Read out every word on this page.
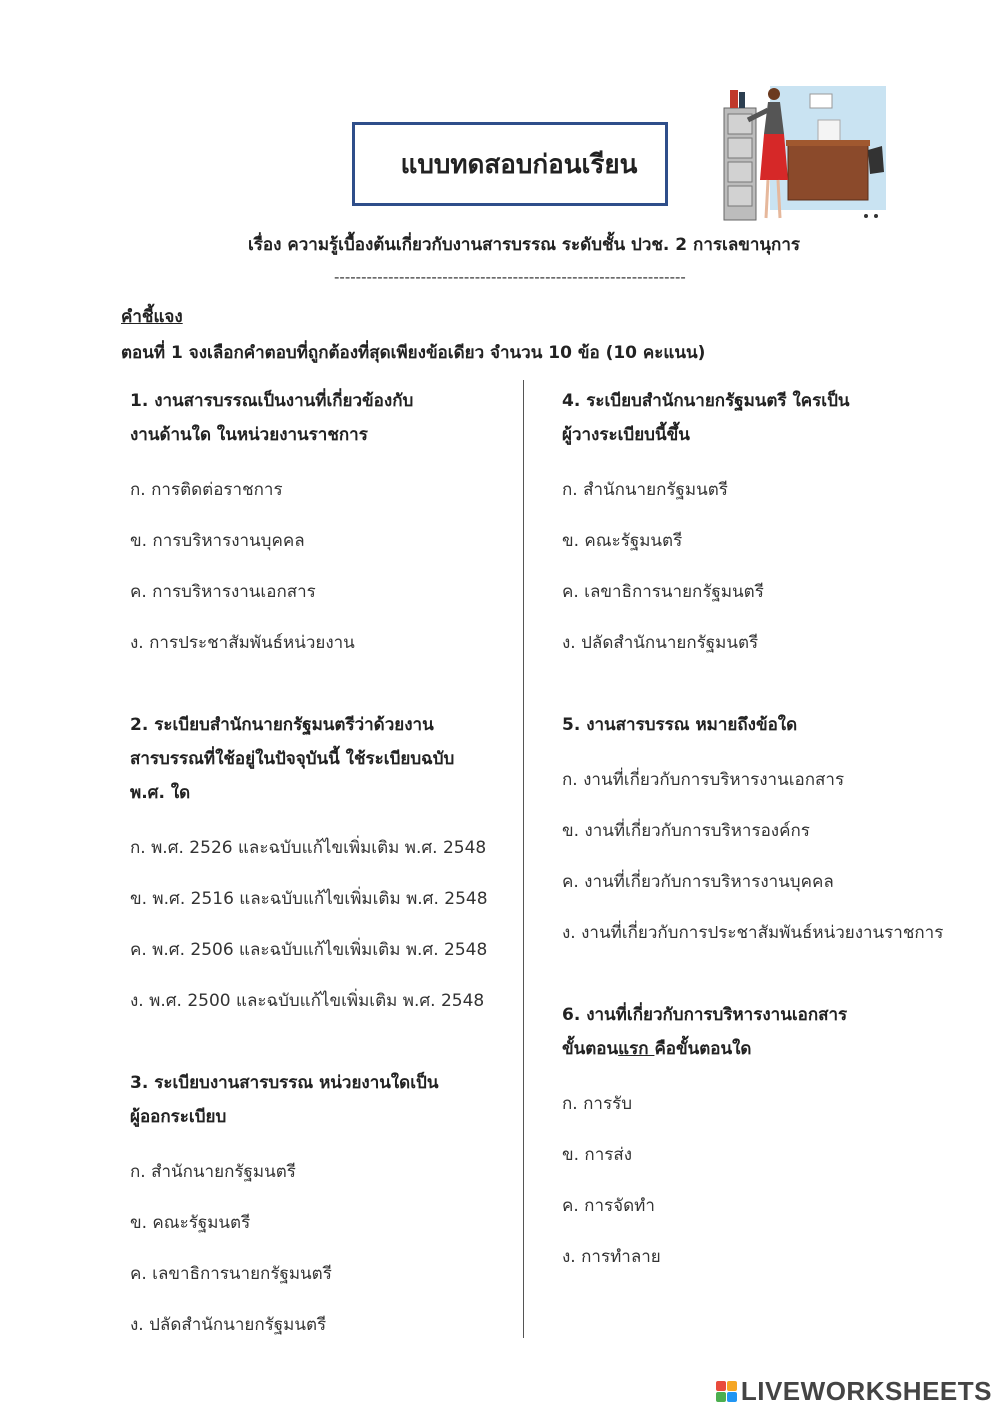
แบบทดสอบก่อนเรียน
เรื่อง ความรู้เบื้องต้นเกี่ยวกับงานสารบรรณ ระดับชั้น ปวช. 2 การเลขานุการ
-----------------------------------------------------------------
คำชี้แจง
ตอนที่ 1 จงเลือกคำตอบที่ถูกต้องที่สุดเพียงข้อเดียว จำนวน 10 ข้อ (10 คะแนน)
1. งานสารบรรณเป็นงานที่เกี่ยวข้องกับ
งานด้านใด ในหน่วยงานราชการ
ก. การติดต่อราชการ
ข. การบริหารงานบุคคล
ค. การบริหารงานเอกสาร
ง. การประชาสัมพันธ์หน่วยงาน
2. ระเบียบสำนักนายกรัฐมนตรีว่าด้วยงาน
สารบรรณที่ใช้อยู่ในปัจจุบันนี้ ใช้ระเบียบฉบับ
พ.ศ. ใด
ก. พ.ศ. 2526 และฉบับแก้ไขเพิ่มเติม พ.ศ. 2548
ข. พ.ศ. 2516 และฉบับแก้ไขเพิ่มเติม พ.ศ. 2548
ค. พ.ศ. 2506 และฉบับแก้ไขเพิ่มเติม พ.ศ. 2548
ง. พ.ศ. 2500 และฉบับแก้ไขเพิ่มเติม พ.ศ. 2548
3. ระเบียบงานสารบรรณ หน่วยงานใดเป็น
ผู้ออกระเบียบ
ก. สำนักนายกรัฐมนตรี
ข. คณะรัฐมนตรี
ค. เลขาธิการนายกรัฐมนตรี
ง. ปลัดสำนักนายกรัฐมนตรี
4. ระเบียบสำนักนายกรัฐมนตรี ใครเป็น
ผู้วางระเบียบนี้ขึ้น
ก. สำนักนายกรัฐมนตรี
ข. คณะรัฐมนตรี
ค. เลขาธิการนายกรัฐมนตรี
ง. ปลัดสำนักนายกรัฐมนตรี
5. งานสารบรรณ หมายถึงข้อใด
ก. งานที่เกี่ยวกับการบริหารงานเอกสาร
ข. งานที่เกี่ยวกับการบริหารองค์กร
ค. งานที่เกี่ยวกับการบริหารงานบุคคล
ง. งานที่เกี่ยวกับการประชาสัมพันธ์หน่วยงานราชการ
6. งานที่เกี่ยวกับการบริหารงานเอกสาร
ขั้นตอนแรก คือขั้นตอนใด
ก. การรับ
ข. การส่ง
ค. การจัดทำ
ง. การทำลาย
LIVEWORKSHEETS
